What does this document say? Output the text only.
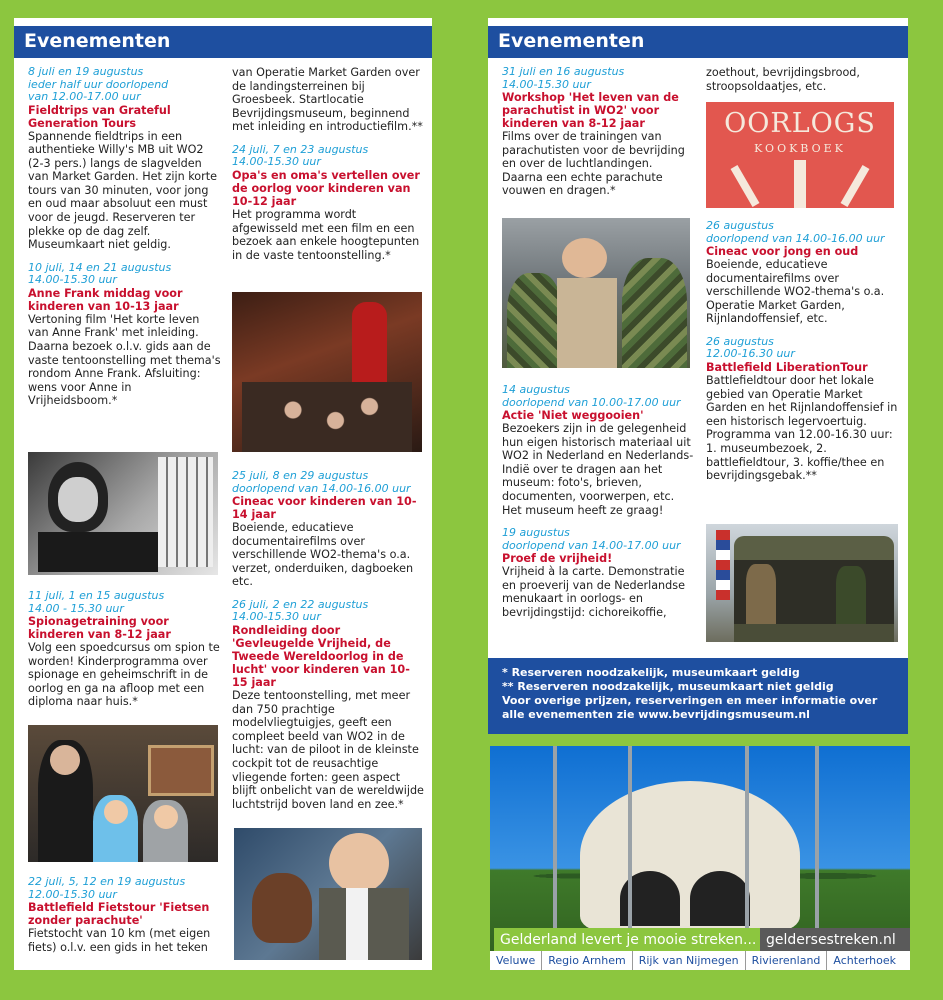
Evenementen
8 juli en 19 augustus
ieder half uur doorlopend
van 12.00-17.00 uur
Fieldtrips van Grateful Generation Tours
Spannende fieldtrips in een authentieke Willy's MB uit WO2 (2-3 pers.) langs de slagvelden van Market Garden. Het zijn korte tours van 30 minuten, voor jong en oud maar absoluut een must voor de jeugd. Reserveren ter plekke op de dag zelf. Museumkaart niet geldig.
10 juli, 14 en 21 augustus
14.00-15.30 uur
Anne Frank middag voor kinderen van 10-13 jaar
Vertoning film 'Het korte leven van Anne Frank' met inleiding. Daarna bezoek o.l.v. gids aan de vaste tentoonstelling met thema's rondom Anne Frank. Afsluiting: wens voor Anne in Vrijheidsboom.*
11 juli, 1 en 15 augustus
14.00 - 15.30 uur
Spionagetraining voor kinderen van 8-12 jaar
Volg een spoedcursus om spion te worden! Kinderprogramma over spionage en geheimschrift in de oorlog en ga na afloop met een diploma naar huis.*
22 juli, 5, 12 en 19 augustus
12.00-15.30 uur
Battlefield Fietstour 'Fietsen zonder parachute'
Fietstocht van 10 km (met eigen fiets) o.l.v. een gids in het teken
van Operatie Market Garden over de landingsterreinen bij Groesbeek. Startlocatie Bevrijdingsmuseum, beginnend met inleiding en introductiefilm.**
24 juli, 7 en 23 augustus
14.00-15.30 uur
Opa's en oma's vertellen over de oorlog voor kinderen van 10-12 jaar
Het programma wordt afgewisseld met een film en een bezoek aan enkele hoogtepunten in de vaste tentoonstelling.*
25 juli, 8 en 29 augustus
doorlopend van 14.00-16.00 uur
Cineac voor kinderen van 10-14 jaar
Boeiende, educatieve documentairefilms over verschillende WO2-thema's o.a. verzet, onderduiken, dagboeken etc.
26 juli, 2 en 22 augustus
14.00-15.30 uur
Rondleiding door 'Gevleugelde Vrijheid, de Tweede Wereldoorlog in de lucht' voor kinderen van 10-15 jaar
Deze tentoonstelling, met meer dan 750 prachtige modelvliegtuigjes, geeft een compleet beeld van WO2 in de lucht: van de piloot in de kleinste cockpit tot de reusachtige vliegende forten: geen aspect blijft onbelicht van de wereldwijde luchtstrijd boven land en zee.*
Evenementen
31 juli en 16 augustus
14.00-15.30 uur
Workshop 'Het leven van de parachutist in WO2' voor kinderen van 8-12 jaar
Films over de trainingen van parachutisten voor de bevrijding en over de luchtlandingen. Daarna een echte parachute vouwen en dragen.*
14 augustus
doorlopend van 10.00-17.00 uur
Actie 'Niet weggooien'
Bezoekers zijn in de gelegenheid hun eigen historisch materiaal uit WO2 in Nederland en Nederlands-Indië over te dragen aan het museum: foto's, brieven, documenten, voorwerpen, etc. Het museum heeft ze graag!
19 augustus
doorlopend van 14.00-17.00 uur
Proef de vrijheid!
Vrijheid à la carte. Demonstratie en proeverij van de Nederlandse menukaart in oorlogs- en bevrijdingstijd: cichoreikoffie,
zoethout, bevrijdingsbrood, stroopsoldaatjes, etc.
OORLOGS
KOOKBOEK
26 augustus
doorlopend van 14.00-16.00 uur
Cineac voor jong en oud
Boeiende, educatieve documentairefilms over verschillende WO2-thema's o.a. Operatie Market Garden, Rijnlandoffensief, etc.
26 augustus
12.00-16.30 uur
Battlefield LiberationTour
Battlefieldtour door het lokale gebied van Operatie Market Garden en het Rijnlandoffensief in een historisch legervoertuig. Programma van 12.00-16.30 uur: 1. museumbezoek, 2. battlefieldtour, 3. koffie/thee en bevrijdingsgebak.**
* Reserveren noodzakelijk, museumkaart geldig
** Reserveren noodzakelijk, museumkaart niet geldig
Voor overige prijzen, reserveringen en meer informatie over alle evenementen zie www.bevrijdingsmuseum.nl
Gelderland levert je mooie streken... geldersestreken.nl
Veluwe	Regio Arnhem	Rijk van Nijmegen	Rivierenland	Achterhoek
